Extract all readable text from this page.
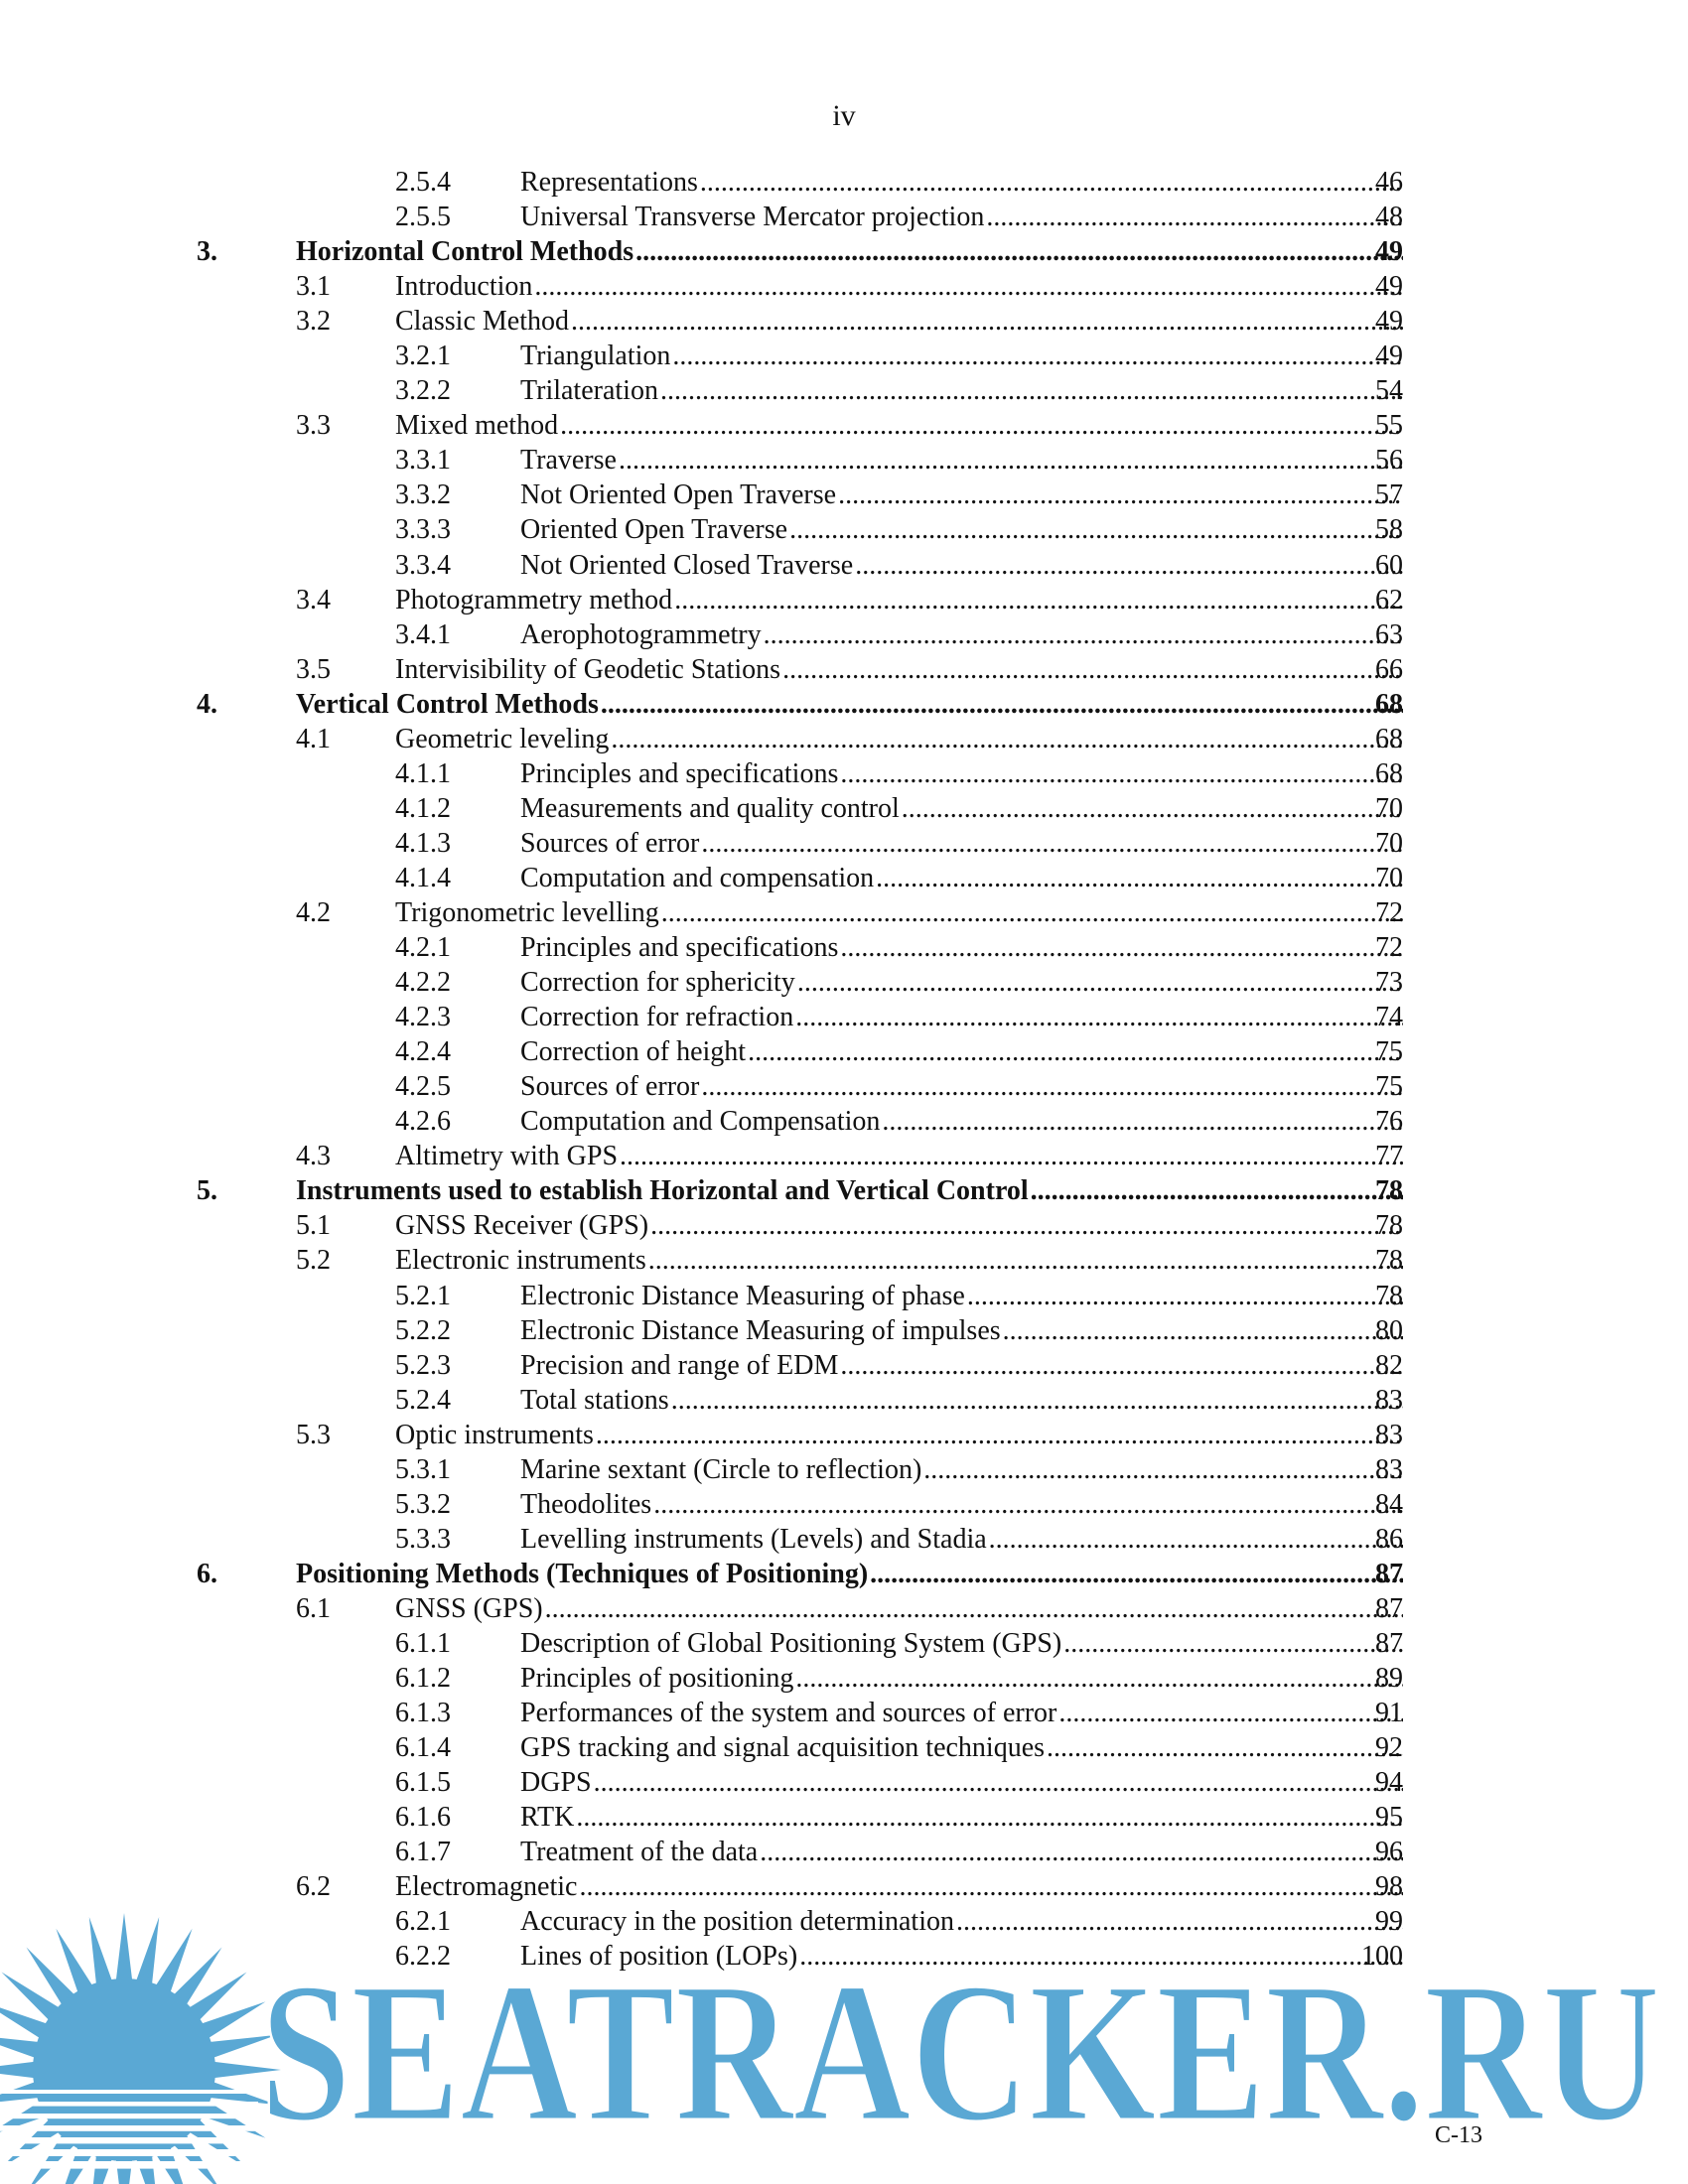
iv
2.5.4	Representations .....	46
2.5.5	Universal Transverse Mercator projection .....	48
3.	Horizontal Control Methods .....	49
3.1 Introduction .....	49
3.2 Classic Method .....	49
3.2.1	Triangulation .....	49
3.2.2	Trilateration .....	54
3.3 Mixed method .....	55
3.3.1	Traverse .....	56
3.3.2	Not Oriented Open Traverse .....	57
3.3.3	Oriented Open Traverse .....	58
3.3.4	Not Oriented Closed Traverse .....	60
3.4 Photogrammetry method .....	62
3.4.1	Aerophotogrammetry .....	63
3.5 Intervisibility of Geodetic Stations .....	66
4.	Vertical Control Methods .....	68
4.1 Geometric leveling .....	68
4.1.1	Principles and specifications .....	68
4.1.2	Measurements and quality control .....	70
4.1.3	Sources of error .....	70
4.1.4	Computation and compensation .....	70
4.2 Trigonometric levelling .....	72
4.2.1	Principles and specifications .....	72
4.2.2	Correction for sphericity .....	73
4.2.3	Correction for refraction .....	74
4.2.4	Correction of height .....	75
4.2.5	Sources of error .....	75
4.2.6	Computation and Compensation .....	76
4.3 Altimetry with GPS .....	77
5.	Instruments used to establish Horizontal and Vertical Control .....	78
5.1 GNSS Receiver (GPS) .....	78
5.2 Electronic instruments .....	78
5.2.1	Electronic Distance Measuring of phase .....	78
5.2.2	Electronic Distance Measuring of impulses .....	80
5.2.3	Precision and range of EDM .....	82
5.2.4	Total stations .....	83
5.3 Optic instruments .....	83
5.3.1	Marine sextant (Circle to reflection) .....	83
5.3.2	Theodolites .....	84
5.3.3	Levelling instruments (Levels) and Stadia .....	86
6.	Positioning Methods (Techniques of Positioning) .....	87
6.1 GNSS (GPS) .....	87
6.1.1	Description of Global Positioning System (GPS) .....	87
6.1.2	Principles of positioning .....	89
6.1.3	Performances of the system and sources of error .....	91
6.1.4	GPS tracking and signal acquisition techniques .....	92
6.1.5	DGPS .....	94
6.1.6	RTK .....	95
6.1.7	Treatment of the data .....	96
6.2 Electromagnetic .....	98
6.2.1	Accuracy in the position determination .....	99
6.2.2	Lines of position (LOPs) .....	100
SEATRACKER.RU
C-13
